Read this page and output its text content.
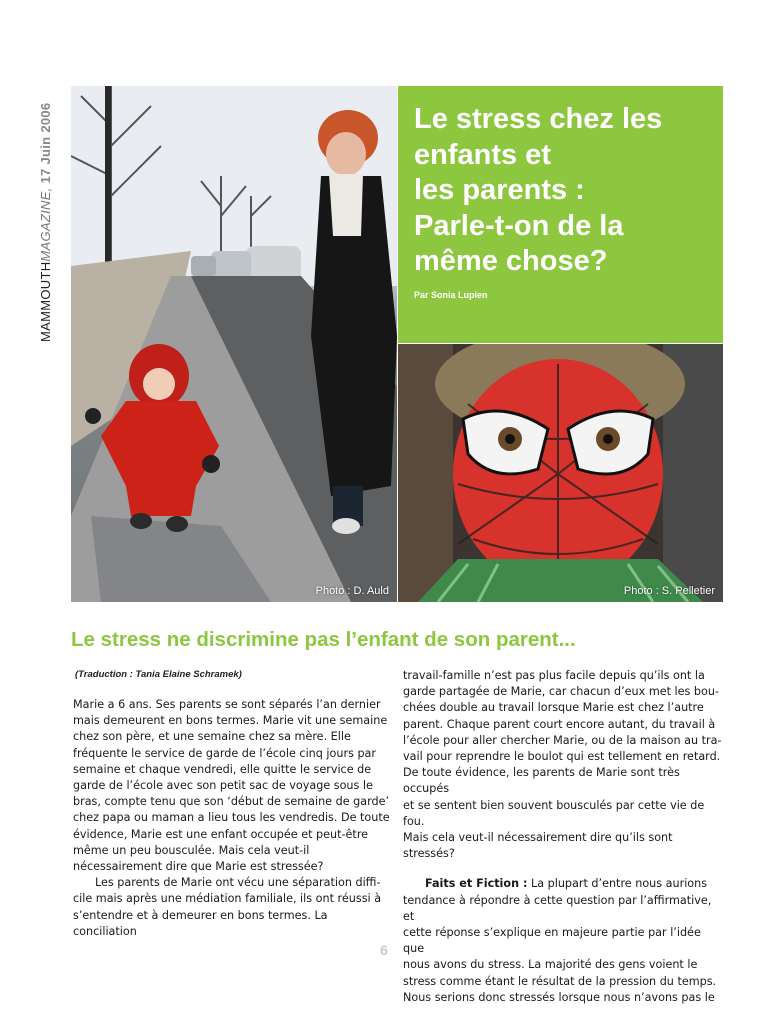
MAMMOUTHMAGAZINE, 17 Juin 2006
Photo : D. Auld
Le stress chez les
enfants et
les parents :
Parle-t-on de la
même chose?
Par Sonia Lupien
Photo : S. Pelletier
Le stress ne discrimine pas l’enfant de son parent...
(Traduction : Tania Elaine Schramek)

Marie a 6 ans. Ses parents se sont séparés l’an dernier
mais demeurent en bons termes. Marie vit une semaine
chez son père, et une semaine chez sa mère. Elle
fréquente le service de garde de l’école cinq jours par
semaine et chaque vendredi, elle quitte le service de
garde de l’école avec son petit sac de voyage sous le
bras, compte tenu que son ‘début de semaine de garde’
chez papa ou maman a lieu tous les vendredis. De toute
évidence, Marie est une enfant occupée et peut-être
même un peu bousculée. Mais cela veut-il
nécessairement dire que Marie est stressée?

Les parents de Marie ont vécu une séparation diffi-
cile mais après une médiation familiale, ils ont réussi à
s’entendre et à demeurer en bons termes. La conciliation

travail-famille n’est pas plus facile depuis qu’ils ont la
garde partagée de Marie, car chacun d’eux met les bou-
chées double au travail lorsque Marie est chez l’autre
parent. Chaque parent court encore autant, du travail à
l’école pour aller chercher Marie, ou de la maison au tra-
vail pour reprendre le boulot qui est tellement en retard.
De toute évidence, les parents de Marie sont très occupés
et se sentent bien souvent bousculés par cette vie de fou.
Mais cela veut-il nécessairement dire qu’ils sont stressés?

Faits et Fiction : La plupart d’entre nous aurions
tendance à répondre à cette question par l’affirmative, et
cette réponse s’explique en majeure partie par l’idée que
nous avons du stress. La majorité des gens voient le
stress comme étant le résultat de la pression du temps.
Nous serions donc stressés lorsque nous n’avons pas le

6
